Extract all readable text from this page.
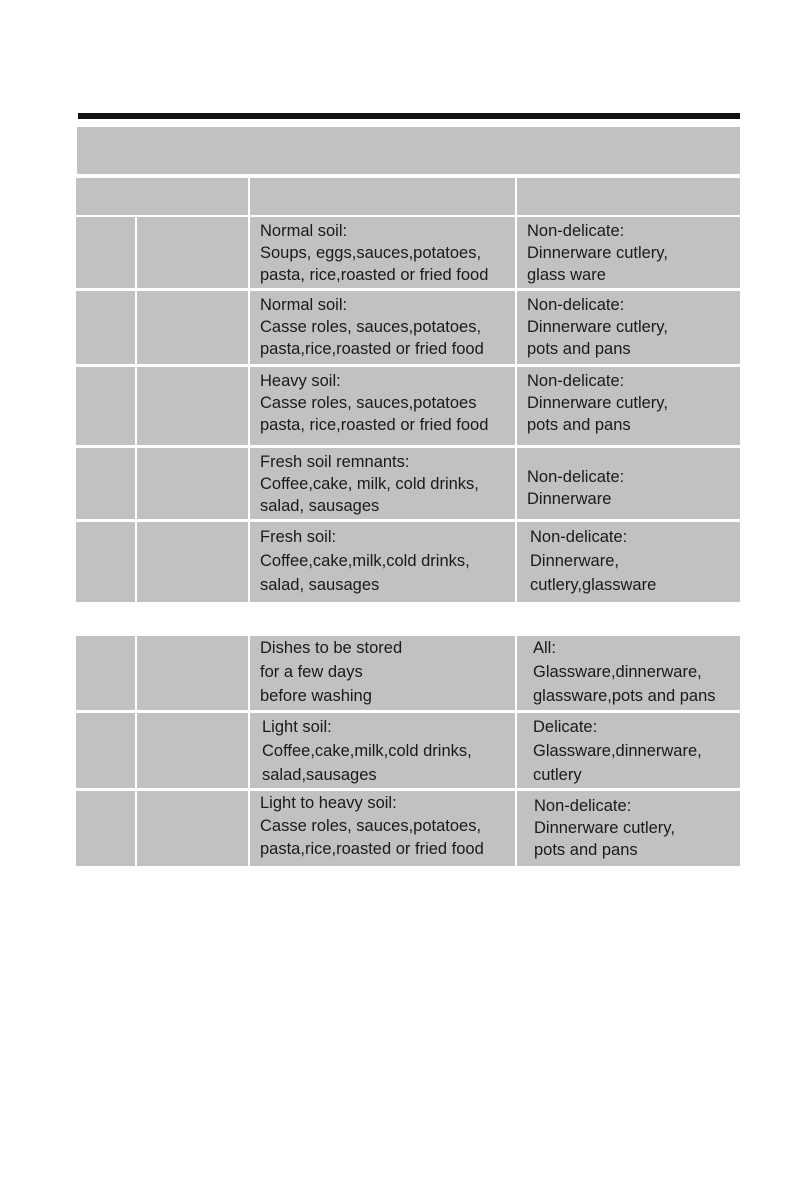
Normal soil:
Soups, eggs,sauces,potatoes,
pasta, rice,roasted or fried food
Non-delicate:
Dinnerware cutlery,
glass ware
Normal soil:
Casse roles, sauces,potatoes,
pasta,rice,roasted or fried food
Non-delicate:
Dinnerware cutlery,
pots and pans
Heavy soil:
Casse roles, sauces,potatoes
pasta, rice,roasted or fried food
Non-delicate:
Dinnerware cutlery,
pots and pans
Fresh soil remnants:
Coffee,cake, milk, cold drinks,
salad, sausages
Non-delicate:
Dinnerware
Fresh soil:
Coffee,cake,milk,cold drinks,
salad, sausages
Non-delicate:
Dinnerware,
cutlery,glassware
Dishes to be stored
for a few days
before washing
All:
Glassware,dinnerware,
glassware,pots and pans
Light soil:
Coffee,cake,milk,cold drinks,
salad,sausages
Delicate:
Glassware,dinnerware,
cutlery
Light to heavy soil:
Casse roles, sauces,potatoes,
pasta,rice,roasted or fried food
Non-delicate:
Dinnerware cutlery,
pots and pans
